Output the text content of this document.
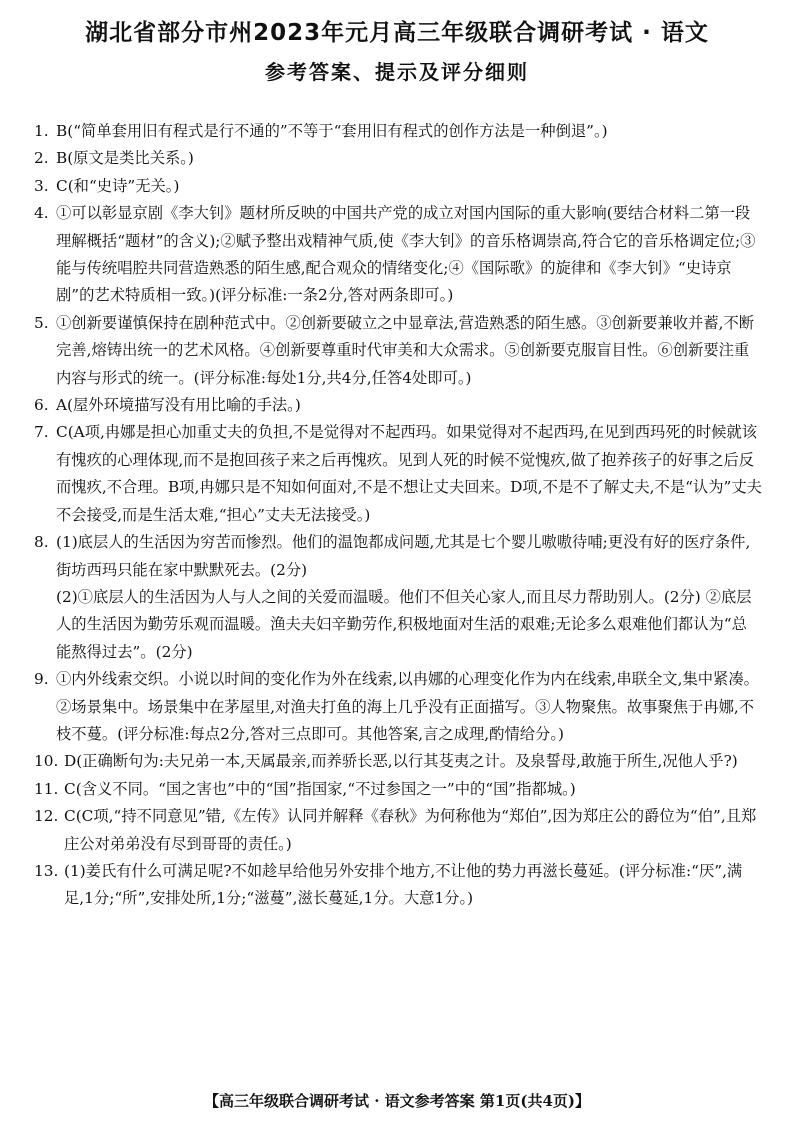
湖北省部分市州2023年元月高三年级联合调研考试 · 语文
参考答案、提示及评分细则
1. B(“简单套用旧有程式是行不通的”不等于“套用旧有程式的创作方法是一种倒退”。)

2. B(原文是类比关系。)

3. C(和“史诗”无关。)

4. ①可以彰显京剧《李大钊》题材所反映的中国共产党的成立对国内国际的重大影响(要结合材料二第一段理解概括“题材”的含义);②赋予整出戏精神气质,使《李大钊》的音乐格调崇高,符合它的音乐格调定位;③能与传统唱腔共同营造熟悉的陌生感,配合观众的情绪变化;④《国际歌》的旋律和《李大钊》“史诗京剧”的艺术特质相一致。)(评分标准:一条2分,答对两条即可。)

5. ①创新要谨慎保持在剧种范式中。②创新要破立之中显章法,营造熟悉的陌生感。③创新要兼收并蓄,不断完善,熔铸出统一的艺术风格。④创新要尊重时代审美和大众需求。⑤创新要克服盲目性。⑥创新要注重内容与形式的统一。(评分标准:每处1分,共4分,任答4处即可。)

6. A(屋外环境描写没有用比喻的手法。)

7. C(A项,冉娜是担心加重丈夫的负担,不是觉得对不起西玛。如果觉得对不起西玛,在见到西玛死的时候就该有愧疚的心理体现,而不是抱回孩子来之后再愧疚。见到人死的时候不觉愧疚,做了抱养孩子的好事之后反而愧疚,不合理。B项,冉娜只是不知如何面对,不是不想让丈夫回来。D项,不是不了解丈夫,不是“认为”丈夫不会接受,而是生活太难,“担心”丈夫无法接受。)

8. (1)底层人的生活因为穷苦而惨烈。他们的温饱都成问题,尤其是七个婴儿嗷嗷待哺;更没有好的医疗条件,街坊西玛只能在家中默默死去。(2分)

(2)①底层人的生活因为人与人之间的关爱而温暖。他们不但关心家人,而且尽力帮助别人。(2分) ②底层人的生活因为勤劳乐观而温暖。渔夫夫妇辛勤劳作,积极地面对生活的艰难;无论多么艰难他们都认为“总能熬得过去”。(2分)

9. ①内外线索交织。小说以时间的变化作为外在线索,以冉娜的心理变化作为内在线索,串联全文,集中紧凑。②场景集中。场景集中在茅屋里,对渔夫打鱼的海上几乎没有正面描写。③人物聚焦。故事聚焦于冉娜,不枝不蔓。(评分标准:每点2分,答对三点即可。其他答案,言之成理,酌情给分。)

10. D(正确断句为:夫兄弟一本,天属最亲,而养骄长恶,以行其芟夷之计。及泉誓母,敢施于所生,况他人乎?)

11. C(含义不同。“国之害也”中的“国”指国家,“不过参国之一”中的“国”指都城。)

12. C(C项,“持不同意见”错,《左传》认同并解释《春秋》为何称他为“郑伯”,因为郑庄公的爵位为“伯”,且郑庄公对弟弟没有尽到哥哥的责任。)

13. (1)姜氏有什么可满足呢?不如趁早给他另外安排个地方,不让他的势力再滋长蔓延。(评分标准:“厌”,满足,1分;“所”,安排处所,1分;“滋蔓”,滋长蔓延,1分。大意1分。)

【高三年级联合调研考试 · 语文参考答案 第1页(共4页)】
